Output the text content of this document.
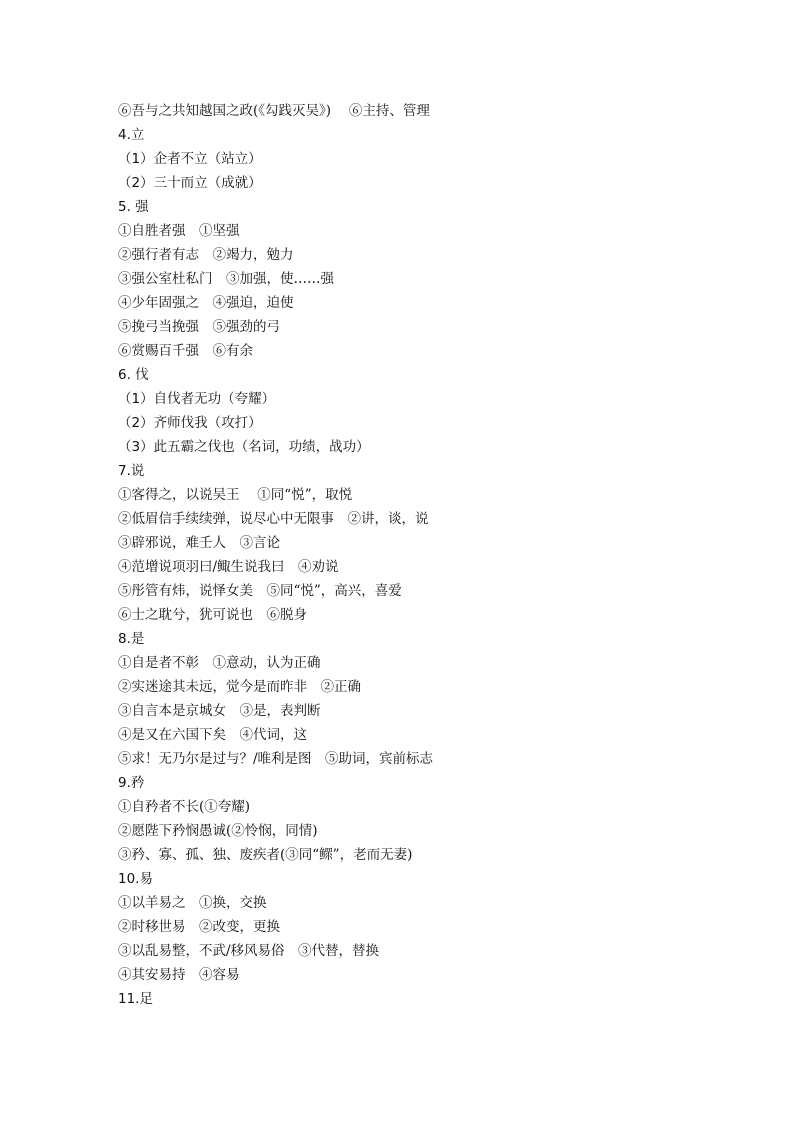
⑥吾与之共知越国之政(《勾践灭吴》)　 ⑥主持、管理
4.立
（1）企者不立（站立）
（2）三十而立（成就）
5. 强
①自胜者强　①坚强
②强行者有志　②竭力，勉力
③强公室杜私门　③加强，使……强
④少年固强之　④强迫，迫使
⑤挽弓当挽强　⑤强劲的弓
⑥赏赐百千强　⑥有余
6. 伐
（1）自伐者无功（夸耀）
（2）齐师伐我（攻打）
（3）此五霸之伐也（名词，功绩，战功）
7.说
①客得之，以说吴王　 ①同“悦”，取悦
②低眉信手续续弹，说尽心中无限事　②讲，谈，说
③辟邪说，难壬人　③言论
④范增说项羽曰/鲰生说我曰　④劝说
⑤彤管有炜，说怿女美　⑤同“悦”，高兴，喜爱
⑥士之耽兮，犹可说也　⑥脱身
8.是
①自是者不彰　①意动，认为正确
②实迷途其未远，觉今是而昨非　②正确
③自言本是京城女　③是，表判断
④是又在六国下矣　④代词，这
⑤求！无乃尔是过与？/唯利是图　⑤助词，宾前标志
9.矜
①自矜者不长(①夸耀)
②愿陛下矜悯愚诚(②怜悯，同情)
③矜、寡、孤、独、废疾者(③同“鳏”，老而无妻)
10.易
①以羊易之　①换，交换
②时移世易　②改变，更换
③以乱易整，不武/移风易俗　③代替，替换
④其安易持　④容易
11.足
